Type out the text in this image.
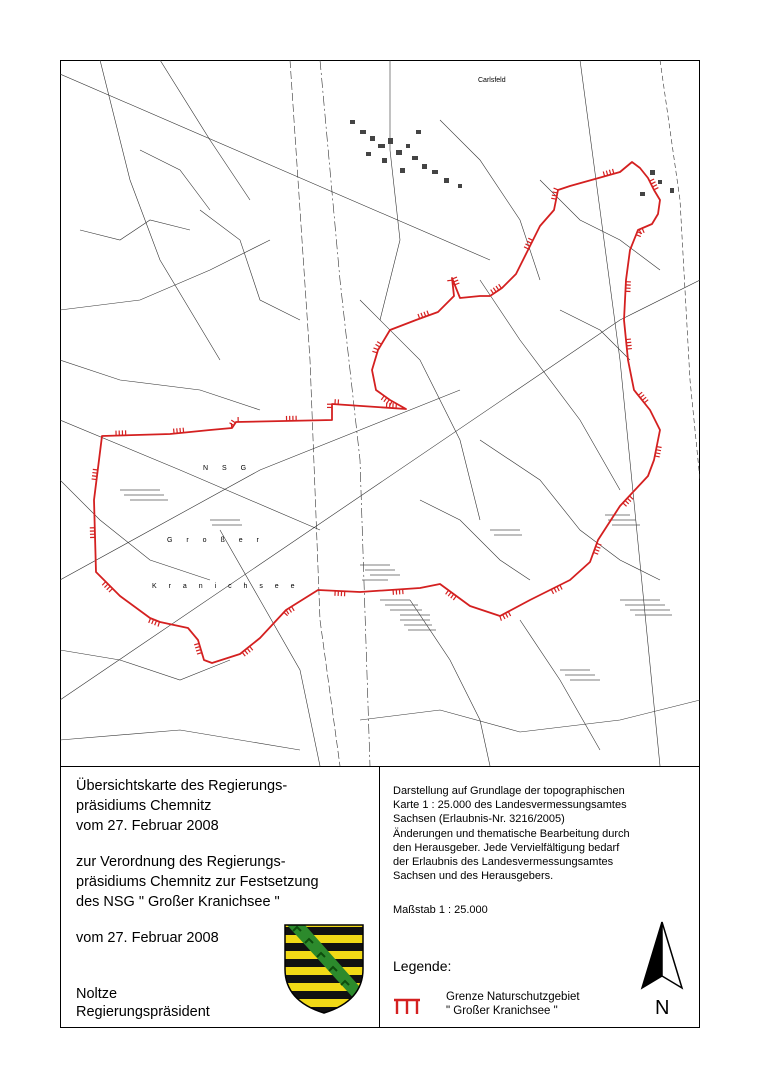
Carlsfeld
N S G
G r o ß e r
K r a n i c h s e e
Übersichtskarte des Regierungs-
präsidiums Chemnitz
vom 27. Februar 2008
zur Verordnung des Regierungs-
präsidiums Chemnitz zur Festsetzung
des NSG " Großer Kranichsee "
vom 27. Februar 2008
Noltze
Regierungspräsident
Darstellung auf Grundlage der topographischen
Karte 1 : 25.000 des Landesvermessungsamtes
Sachsen (Erlaubnis-Nr. 3216/2005)
Änderungen und thematische Bearbeitung durch
den Herausgeber. Jede Vervielfältigung bedarf
der Erlaubnis des Landesvermessungsamtes
Sachsen und des Herausgebers.
Maßstab 1 : 25.000
Legende:
Grenze Naturschutzgebiet
" Großer Kranichsee "	N
